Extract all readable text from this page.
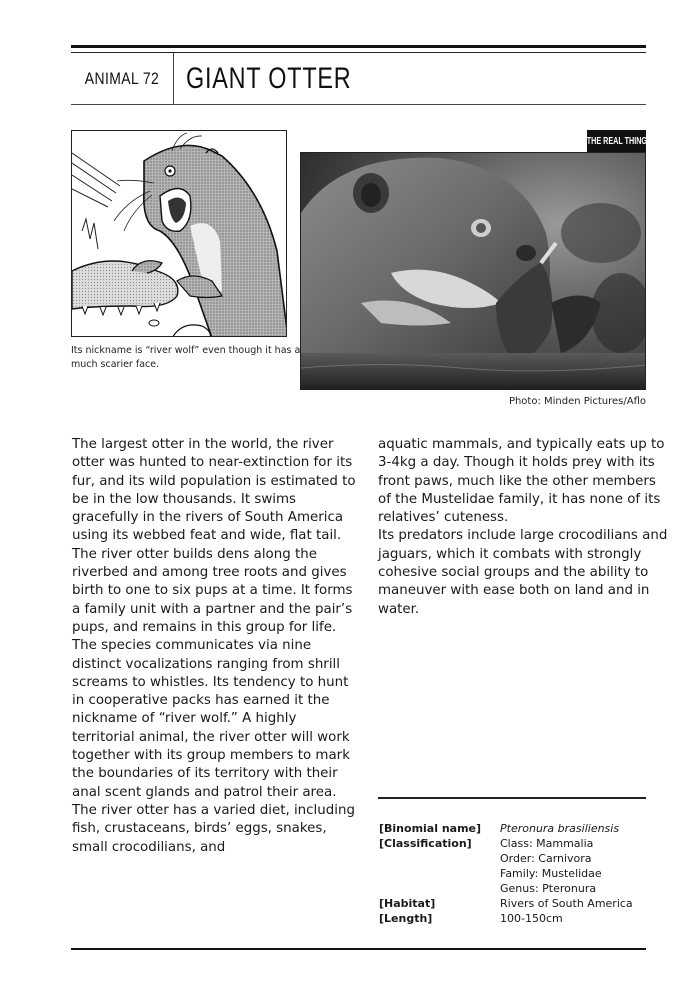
ANIMAL 72 GIANT OTTER
Its nickname is “river wolf” even though it has a much scarier face.
THE REAL THING
Photo: Minden Pictures/Aflo

The largest otter in the world, the river otter was hunted to near-extinction for its fur, and its wild population is estimated to be in the low thousands. It swims gracefully in the rivers of South America using its webbed feat and wide, flat tail.

The river otter builds dens along the riverbed and among tree roots and gives birth to one to six pups at a time. It forms a family unit with a partner and the pair’s pups, and remains in this group for life.

The species communicates via nine distinct vocalizations ranging from shrill screams to whistles. Its tendency to hunt in cooperative packs has earned it the nickname of “river wolf.” A highly territorial animal, the river otter will work together with its group members to mark the boundaries of its territory with their anal scent glands and patrol their area.

The river otter has a varied diet, including fish, crustaceans, birds’ eggs, snakes, small crocodilians, and

aquatic mammals, and typically eats up to 3-4kg a day. Though it holds prey with its front paws, much like the other members of the Mustelidae family, it has none of its relatives’ cuteness.

Its predators include large crocodilians and jaguars, which it combats with strongly cohesive social groups and the ability to maneuver with ease both on land and in water.

[Binomial name]	Pteronura brasiliensis
[Classification]	Class: Mammalia
Order: Carnivora
Family: Mustelidae
Genus: Pteronura
[Habitat]	Rivers of South America
[Length]	100-150cm
